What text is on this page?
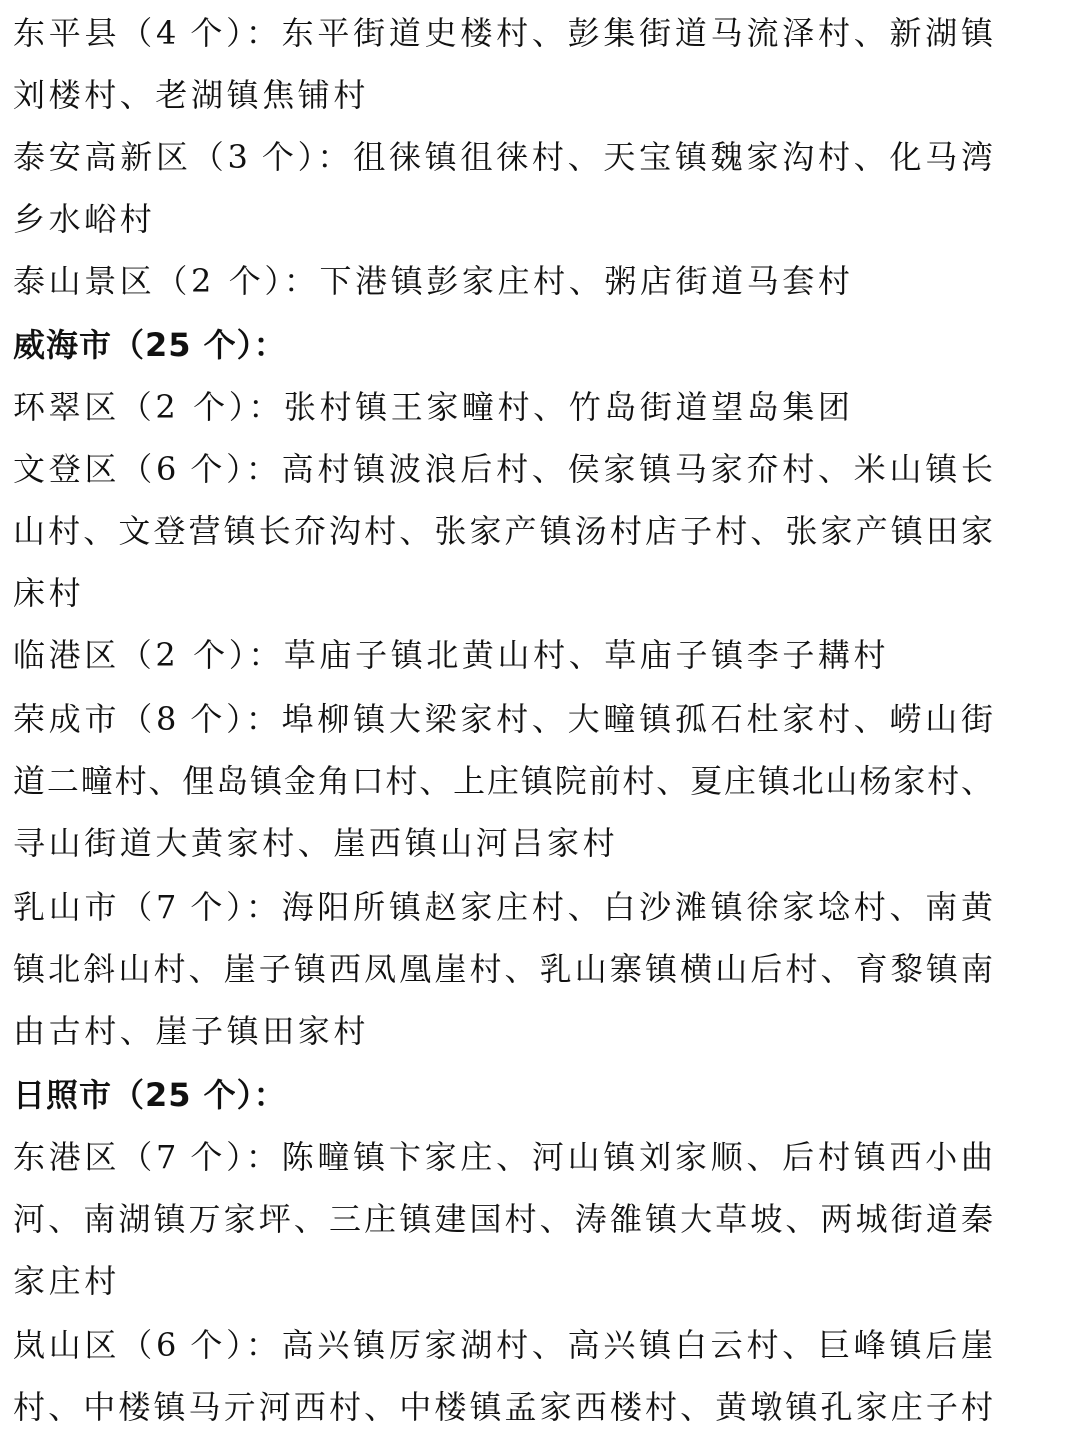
东平县（4 个）：东平街道史楼村、彭集街道马流泽村、新湖镇
刘楼村、老湖镇焦铺村
泰安高新区（3 个）：徂徕镇徂徕村、天宝镇魏家沟村、化马湾
乡水峪村
泰山景区（2 个）：下港镇彭家庄村、粥店街道马套村
威海市（25 个）：
环翠区（2 个）：张村镇王家疃村、竹岛街道望岛集团
文登区（6 个）：高村镇波浪后村、侯家镇马家夼村、米山镇长
山村、文登营镇长夼沟村、张家产镇汤村店子村、张家产镇田家
床村
临港区（2 个）：草庙子镇北黄山村、草庙子镇李子耩村
荣成市（8 个）：埠柳镇大梁家村、大疃镇孤石杜家村、崂山街
道二疃村、俚岛镇金角口村、上庄镇院前村、夏庄镇北山杨家村、
寻山街道大黄家村、崖西镇山河吕家村
乳山市（7 个）：海阳所镇赵家庄村、白沙滩镇徐家埝村、南黄
镇北斜山村、崖子镇西凤凰崖村、乳山寨镇横山后村、育黎镇南
由古村、崖子镇田家村
日照市（25 个）：
东港区（7 个）：陈疃镇卞家庄、河山镇刘家顺、后村镇西小曲
河、南湖镇万家坪、三庄镇建国村、涛雒镇大草坡、两城街道秦
家庄村
岚山区（6 个）：高兴镇厉家湖村、高兴镇白云村、巨峰镇后崖
村、中楼镇马亓河西村、中楼镇孟家西楼村、黄墩镇孔家庄子村
